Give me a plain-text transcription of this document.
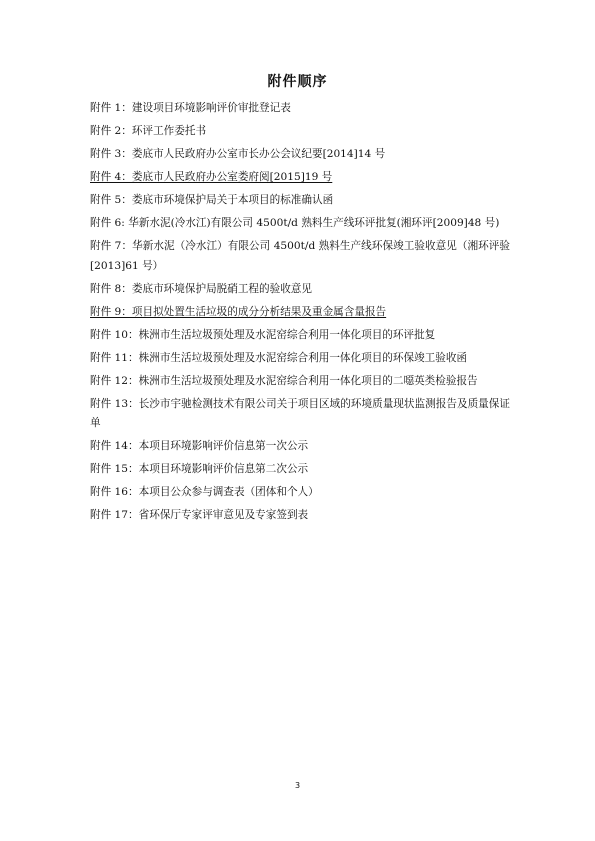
附件顺序
附件 1：建设项目环境影响评价审批登记表
附件 2：环评工作委托书
附件 3：娄底市人民政府办公室市长办公会议纪要[2014]14 号
附件 4：娄底市人民政府办公室娄府阅[2015]19 号
附件 5：娄底市环境保护局关于本项目的标准确认函
附件 6: 华新水泥(冷水江)有限公司 4500t/d 熟料生产线环评批复(湘环评[2009]48 号)
附件 7：华新水泥（冷水江）有限公司 4500t/d 熟料生产线环保竣工验收意见（湘环评验[2013]61 号）
附件 8：娄底市环境保护局脱硝工程的验收意见
附件 9：项目拟处置生活垃圾的成分分析结果及重金属含量报告
附件 10：株洲市生活垃圾预处理及水泥窑综合利用一体化项目的环评批复
附件 11：株洲市生活垃圾预处理及水泥窑综合利用一体化项目的环保竣工验收函
附件 12：株洲市生活垃圾预处理及水泥窑综合利用一体化项目的二噁英类检验报告
附件 13：长沙市宇驰检测技术有限公司关于项目区域的环境质量现状监测报告及质量保证单
附件 14：本项目环境影响评价信息第一次公示
附件 15：本项目环境影响评价信息第二次公示
附件 16：本项目公众参与调查表（团体和个人）
附件 17：省环保厅专家评审意见及专家签到表
3
